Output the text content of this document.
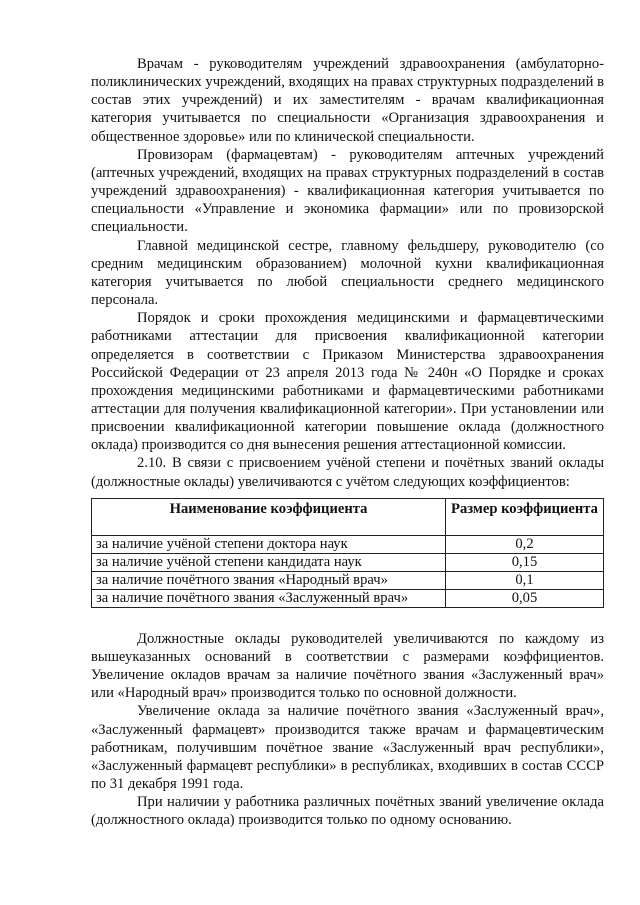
Врачам - руководителям учреждений здравоохранения (амбулаторно-поликлинических учреждений, входящих на правах структурных подразделений в состав этих учреждений) и их заместителям - врачам квалификационная категория учитывается по специальности «Организация здравоохранения и общественное здоровье» или по клинической специальности.

Провизорам (фармацевтам) - руководителям аптечных учреждений (аптечных учреждений, входящих на правах структурных подразделений в состав учреждений здравоохранения) - квалификационная категория учитывается по специальности «Управление и экономика фармации» или по провизорской специальности.

Главной медицинской сестре, главному фельдшеру, руководителю (со средним медицинским образованием) молочной кухни квалификационная категория учитывается по любой специальности среднего медицинского персонала.

Порядок и сроки прохождения медицинскими и фармацевтическими работниками аттестации для присвоения квалификационной категории определяется в соответствии с Приказом Министерства здравоохранения Российской Федерации от 23 апреля 2013 года № 240н «О Порядке и сроках прохождения медицинскими работниками и фармацевтическими работниками аттестации для получения квалификационной категории». При установлении или присвоении квалификационной категории повышение оклада (должностного оклада) производится со дня вынесения решения аттестационной комиссии.

2.10. В связи с присвоением учёной степени и почётных званий оклады (должностные оклады) увеличиваются с учётом следующих коэффициентов:

Наименование коэффициента	Размер коэффициента
за наличие учёной степени доктора наук	0,2
за наличие учёной степени кандидата наук	0,15
за наличие почётного звания «Народный врач»	0,1
за наличие почётного звания «Заслуженный врач»	0,05

Должностные оклады руководителей увеличиваются по каждому из вышеуказанных оснований в соответствии с размерами коэффициентов. Увеличение окладов врачам за наличие почётного звания «Заслуженный врач» или «Народный врач» производится только по основной должности.

Увеличение оклада за наличие почётного звания «Заслуженный врач», «Заслуженный фармацевт» производится также врачам и фармацевтическим работникам, получившим почётное звание «Заслуженный врач республики», «Заслуженный фармацевт республики» в республиках, входивших в состав СССР по 31 декабря 1991 года.

При наличии у работника различных почётных званий увеличение оклада (должностного оклада) производится только по одному основанию.
